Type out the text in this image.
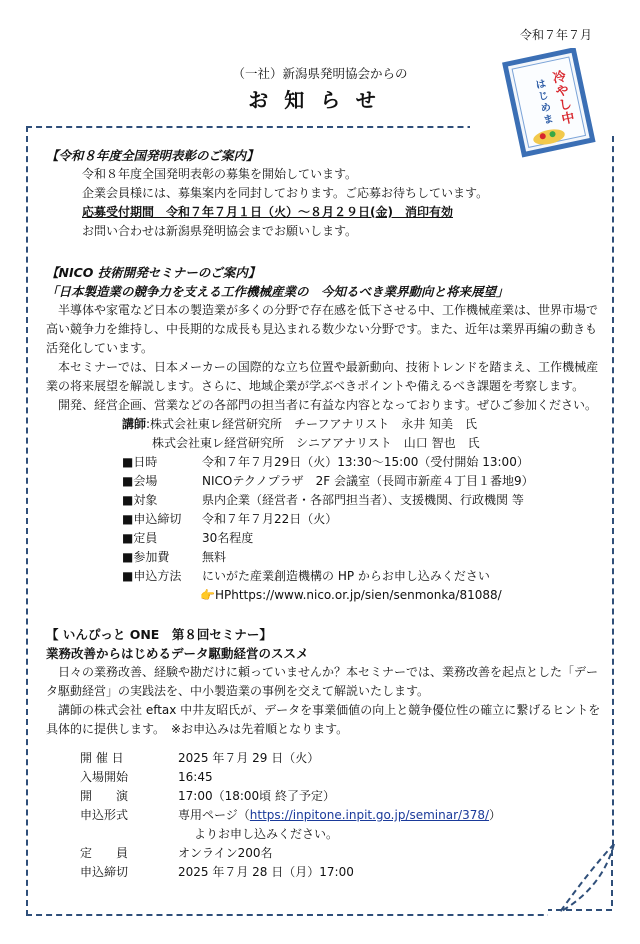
令和７年７月
（一社）新潟県発明協会からの
お知らせ
冷
や
し
中
は
じ
め
ま

【令和８年度全国発明表彰のご案内】

令和８年度全国発明表彰の募集を開始しています。

企業会員様には、募集案内を同封しております。ご応募お待ちしています。

応募受付期間　令和７年７月１日（火）～８月２９日(金)　消印有効

お問い合わせは新潟県発明協会までお願いします。

【NICO 技術開発セミナーのご案内】

「日本製造業の競争力を支える工作機械産業の　今知るべき業界動向と将来展望」

半導体や家電など日本の製造業が多くの分野で存在感を低下させる中、工作機械産業は、世界市場で高い競争力を維持し、中長期的な成長も見込まれる数少ない分野です。また、近年は業界再編の動きも活発化しています。

本セミナーでは、日本メーカーの国際的な立ち位置や最新動向、技術トレンドを踏まえ、工作機械産業の将来展望を解説します。さらに、地域企業が学ぶべきポイントや備えるべき課題を考察します。

開発、経営企画、営業などの各部門の担当者に有益な内容となっております。ぜひご参加ください。

講師:株式会社東レ経営研究所　チーフアナリスト　永井 知美　氏

株式会社東レ経営研究所　シニアアナリスト　山口 智也　氏

■日時	令和７年７月29日（火）13:30～15:00（受付開始 13:00）
■会場	NICOテクノプラザ　2F 会議室（長岡市新産４丁目１番地9）
■対象	県内企業（経営者・各部門担当者）、支援機関、行政機関 等
■申込締切	令和７年７月22日（火）
■定員	30名程度
■参加費	無料
■申込方法	にいがた産業創造機構の HP からお申し込みください

👉HPhttps://www.nico.or.jp/sien/senmonka/81088/

【 いんぴっと ONE　第８回セミナー】

業務改善からはじめるデータ駆動経営のススメ

日々の業務改善、経験や勘だけに頼っていませんか？本セミナーでは、業務改善を起点とした「データ駆動経営」の実践法を、中小製造業の事例を交えて解説いたします。

講師の株式会社 eftax 中井友昭氏が、データを事業価値の向上と競争優位性の確立に繋げるヒントを具体的に提供します。　※お申込みは先着順となります。

開 催 日	2025 年７月 29 日（火）
入場開始	16:45
開　　演	17:00（18:00頃 終了予定）
申込形式	専用ページ（https://inpitone.inpit.go.jp/seminar/378/）
よりお申し込みください。
定　　員	オンライン200名
申込締切	2025 年７月 28 日（月）17:00
